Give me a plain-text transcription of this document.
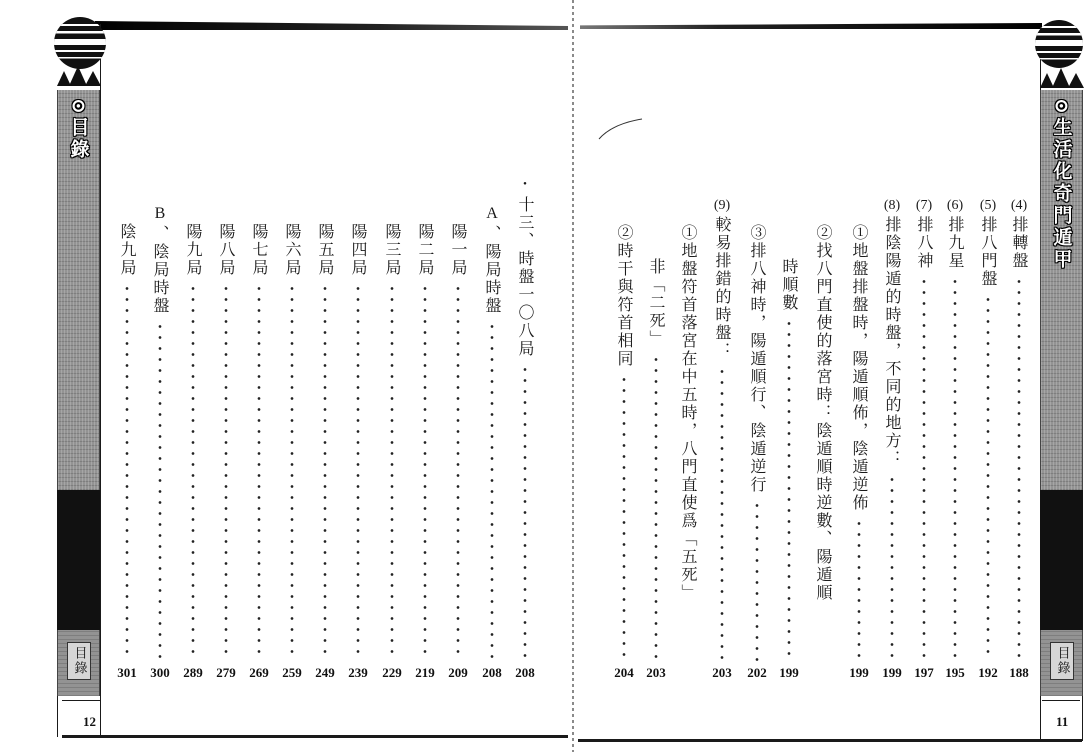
⊙目錄
目錄
12
・
十三、時盤一〇八局
208
A
、陽局時盤
208
陽一局
209
陽二局
219
陽三局
229
陽四局
239
陽五局
249
陽六局
259
陽七局
269
陽八局
279
陽九局
289
B
、陰局時盤
300
陰九局
301
⊙生活化奇門遁甲
目錄
11
(4)
排轉盤
188
(5)
排八門盤
192
(6)
排九星
195
(7)
排八神
197
(8)
排陰陽遁的時盤，不同的地方：
199
①地盤排盤時，陽遁順佈，陰遁逆佈
199
②找八門直使的落宮時：陰遁順時逆數、陽遁順
時順數
199
③排八神時，陽遁順行、陰遁逆行
202
(9)
較易排錯的時盤：
203
①地盤符首落宮在中五時，八門直使爲「五死」
非「二死」
203
②時干與符首相同
204
